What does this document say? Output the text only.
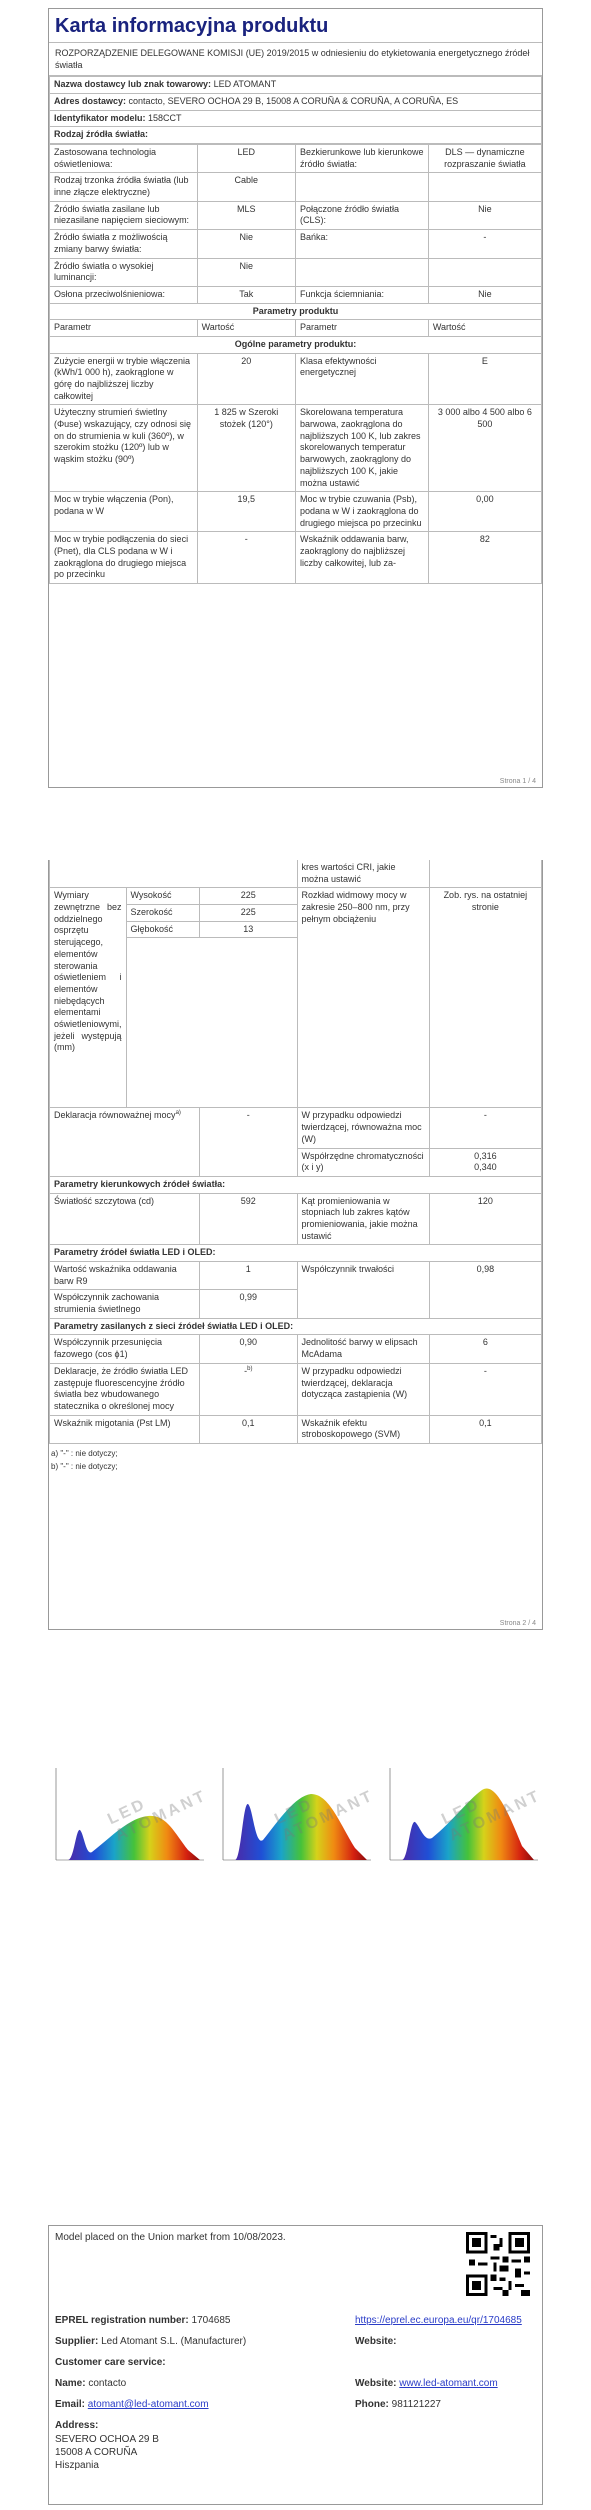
Karta informacyjna produktu
ROZPORZĄDZENIE DELEGOWANE KOMISJI (UE) 2019/2015 w odniesieniu do etykietowania energetycznego źródeł światła
Nazwa dostawcy lub znak towarowy: LED ATOMANT
Adres dostawcy: contacto, SEVERO OCHOA 29 B, 15008 A CORUÑA & CORUÑA, A CORUÑA, ES
Identyfikator modelu: 158CCT
Rodzaj źródła światła:
Zastosowana technologia oświetleniowa:	LED	Bezkierunkowe lub kierunkowe źródło światła:	DLS — dynamiczne rozpraszanie światła
Rodzaj trzonka źródła światła (lub inne złącze elektryczne)	Cable		
Źródło światła zasilane lub niezasilane napięciem sieciowym:	MLS	Połączone źródło światła (CLS):	Nie
Źródło światła z możliwością zmiany barwy światła:	Nie	Bańka:	-
Źródło światła o wysokiej luminancji:	Nie		
Osłona przeciwolśnieniowa:	Tak	Funkcja ściemniania:	Nie
Parametry produktu			
Parametr	Wartość	Parametr	Wartość
Ogólne parametry produktu:			
Zużycie energii w trybie włączenia (kWh/1 000 h), zaokrąglone w górę do najbliższej liczby całkowitej	20	Klasa efektywności energetycznej	E
Użyteczny strumień świetlny (Φuse) wskazujący, czy odnosi się on do strumienia w kuli (360º), w szerokim stożku (120º) lub w wąskim stożku (90º)	1 825 w Szeroki stożek (120°)	Skorelowana temperatura barwowa, zaokrąglona do najbliższych 100 K, lub zakres skorelowanych temperatur barwowych, zaokrąglony do najbliższych 100 K, jakie można ustawić	3 000 albo 4 500 albo 6 500
Moc w trybie włączenia (Pon), podana w W	19,5	Moc w trybie czuwania (Psb), podana w W i zaokrąglona do drugiego miejsca po przecinku	0,00
Moc w trybie podłączenia do sieci (Pnet), dla CLS podana w W i zaokrąglona do drugiego miejsca po przecinku	-	Wskaźnik oddawania barw, zaokrąglony do najbliższej liczby całkowitej, lub za-	82
Strona 1 / 4
			kres wartości CRI, jakie można ustawić	
Wymiary zewnętrzne bez oddzielnego osprzętu sterującego, elementów sterowania oświetleniem i elementów niebędących elementami oświetleniowymi, jeżeli występują (mm)	Wysokość	225	Rozkład widmowy mocy w zakresie 250–800 nm, przy pełnym obciążeniu	Zob. rys. na ostatniej stronie
	Szerokość	225		
	Głębokość	13		

Deklaracja równoważnej mocy$^{a)}$		-	W przypadku odpowiedzi twierdzącej, równoważna moc (W)	-
			Współrzędne chromatyczności (x i y)	0,316
0,340
Parametry kierunkowych źródeł światła:				
Światłość szczytowa (cd)		592	Kąt promieniowania w stopniach lub zakres kątów promieniowania, jakie można ustawić	120
Parametry źródeł światła LED i OLED:				
Wartość wskaźnika oddawania barw R9		1	Współczynnik trwałości	0,98
Współczynnik zachowania strumienia świetlnego		0,99		
Parametry zasilanych z sieci źródeł światła LED i OLED:				
Współczynnik przesunięcia fazowego (cos ϕ1)		0,90	Jednolitość barwy w elipsach McAdama	6
Deklaracje, że źródło światła LED zastępuje fluorescencyjne źródło światła bez wbudowanego statecznika o określonej mocy		-$^{b)}$	W przypadku odpowiedzi twierdzącej, deklaracja dotycząca zastąpienia (W)	-
Wskaźnik migotania (Pst LM)		0,1	Wskaźnik efektu stroboskopowego (SVM)	0,1
a) "-" : nie dotyczy;
b) "-" : nie dotyczy;
Strona 2 / 4
LED ATOMANT	LED ATOMANT	LED ATOMANT
Model placed on the Union market from 10/08/2023.
EPREL registration number: 1704685	https://eprel.ec.europa.eu/qr/1704685
Supplier: Led Atomant S.L. (Manufacturer)	Website:
Customer care service:
Name: contacto	Website: www.led-atomant.com
Email: atomant@led-atomant.com	Phone: 981121227
Address:
SEVERO OCHOA 29 B
15008 A CORUÑA
Hiszpania
